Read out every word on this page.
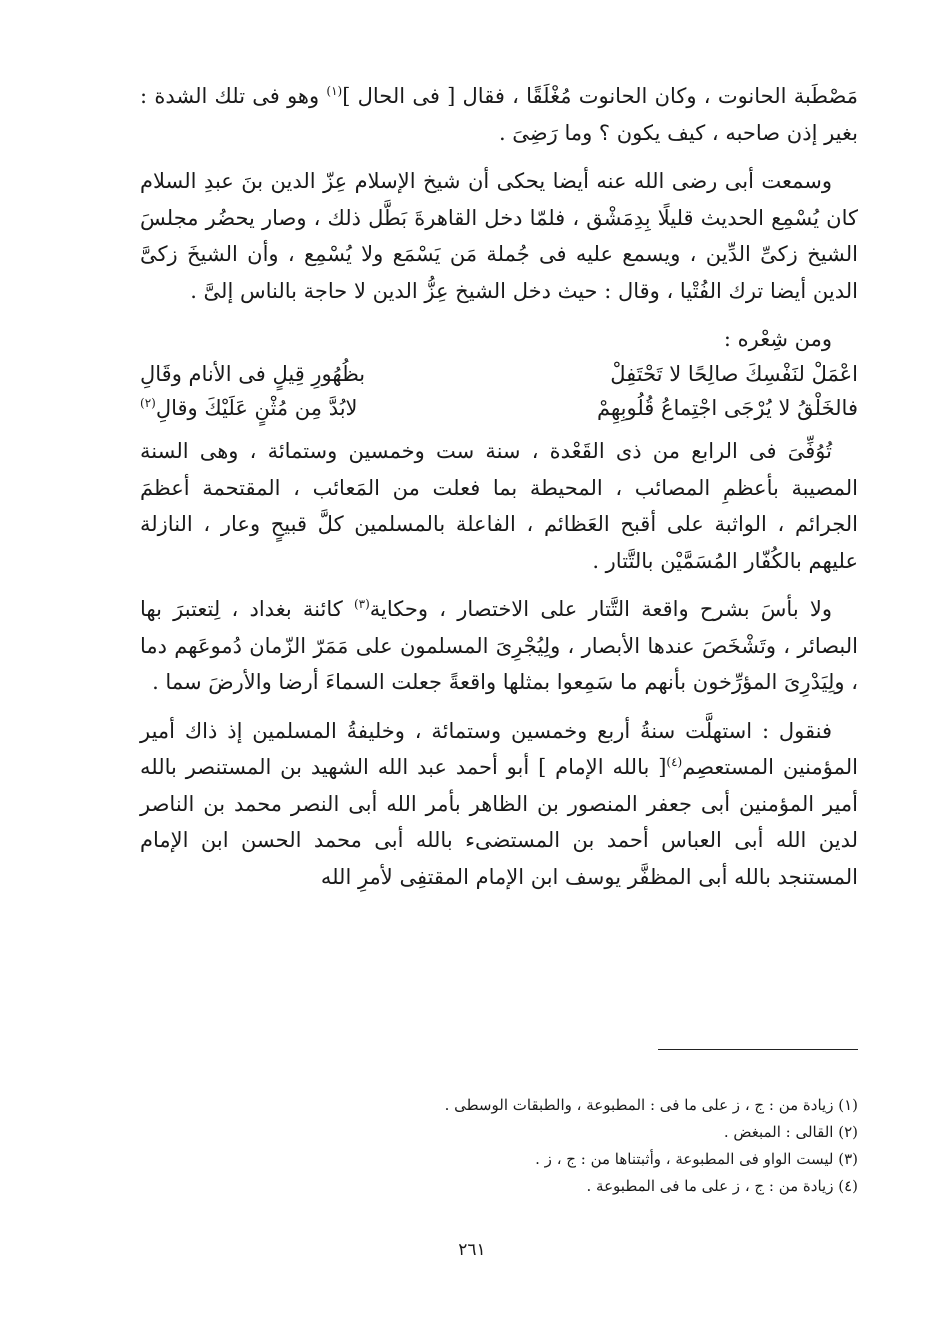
مَصْطَبة الحانوت ، وكان الحانوت مُغْلَقًا ، فقال [ فى الحال ]$^{(١)}$ وهو فى تلك الشدة : بغير إذن صاحبه ، كيف يكون ؟ وما رَضِىَ .

وسمعت أبى رضى الله عنه أيضا يحكى أن شيخ الإسلام عِزّ الدين بنَ عبدِ السلام كان يُسْمِع الحديث قليلًا بِدِمَشْق ، فلمّا دخل القاهرةَ بَطَّل ذلك ، وصار يحضُر مجلسَ الشيخ زكىِّ الدِّين ، ويسمع عليه فى جُملة مَن يَسْمَع ولا يُسْمِع ، وأن الشيخَ زكىَّ الدين أيضا ترك الفُتْيا ، وقال : حيث دخل الشيخ عِزُّ الدين لا حاجة بالناس إلىَّ .

ومن شِعْره :

اعْمَلْ لنَفْسِكَ صالِحًا لا تَحْتَفِلْ
بظُهُورِ قِيلٍ فى الأنام وقَالِ
فالخَلْقُ لا يُرْجَى اجْتِماعُ قُلُوبِهِمْ
لابُدَّ مِن مُثْنٍ عَلَيْكَ وقالِ$^{(٢)}$

تُوُفِّىَ فى الرابع من ذى القَعْدة ، سنة ست وخمسين وستمائة ، وهى السنة المصيبة بأعظمِ المصائب ، المحيطة بما فعلت من المَعائب ، المقتحمة أعظمَ الجرائم ، الواثبة على أقبح العَظائم ، الفاعلة بالمسلمين كلَّ قبيحٍ وعار ، النازلة عليهم بالكُفّار المُسَمَّيْن بالتَّتار .

ولا بأسَ بشرح واقعة التَّتار على الاختصار ، وحكاية$^{(٣)}$ كائنة بغداد ، لِتعتبرَ بها البصائر ، وتَشْخَصَ عندها الأبصار ، ولِيُجْرِىَ المسلمون على مَمَرّ الزّمان دُموعَهم دما ، ولِيَدْرِىَ المؤرِّخون بأنهم ما سَمِعوا بمثلها واقعةً جعلت السماءَ أرضا والأرضَ سما .

فنقول : استهلَّت سنةُ أربع وخمسين وستمائة ، وخليفةُ المسلمين إذ ذاك أمير المؤمنين المستعصِم$^{(٤)}$[ بالله الإمام ] أبو أحمد عبد الله الشهيد بن المستنصر بالله أمير المؤمنين أبى جعفر المنصور بن الظاهر بأمر الله أبى النصر محمد بن الناصر لدين الله أبى العباس أحمد بن المستضىء بالله أبى محمد الحسن ابن الإمام المستنجد بالله أبى المظفَّر يوسف ابن الإمام المقتفِى لأمرِ الله

(١) زيادة من : ج ، ز على ما فى : المطبوعة ، والطبقات الوسطى .

(٢) القالى : المبغض .

(٣) ليست الواو فى المطبوعة ، وأثبتناها من : ج ، ز .

(٤) زيادة من : ج ، ز على ما فى المطبوعة .

٢٦١
